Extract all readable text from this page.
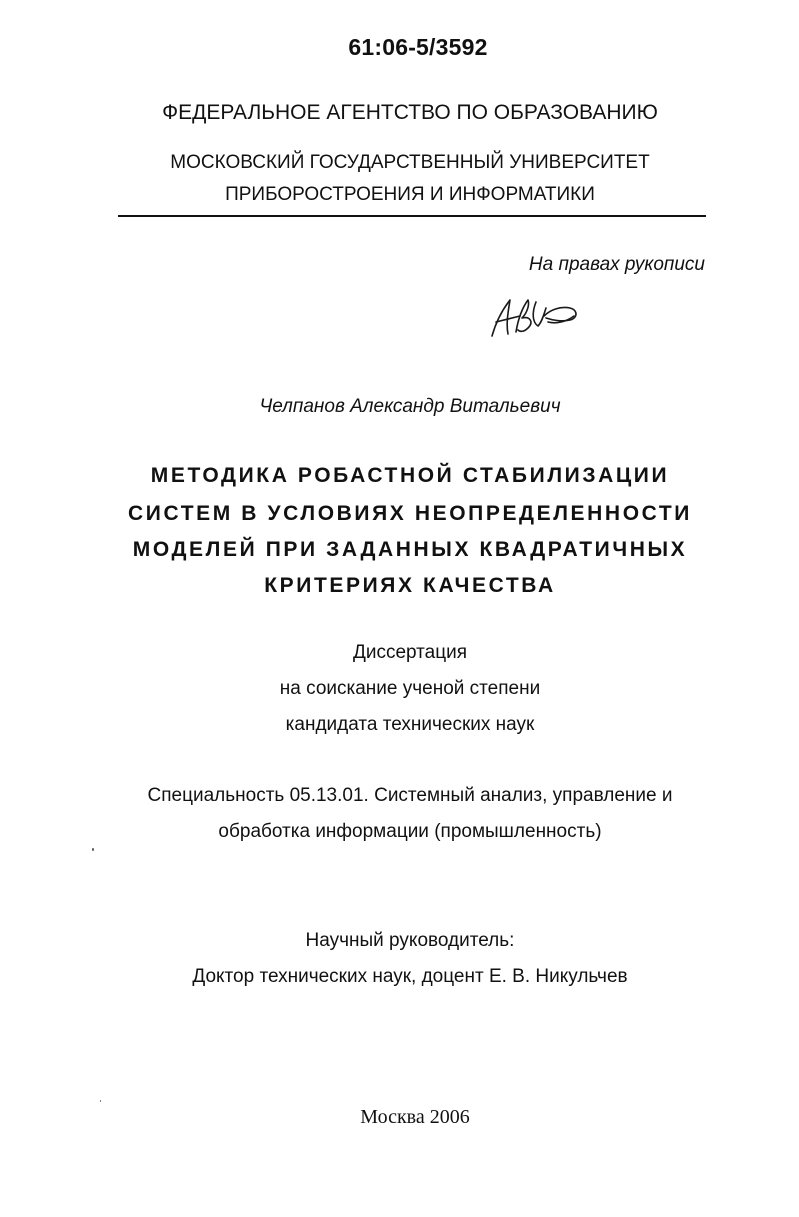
61:06-5/3592
ФЕДЕРАЛЬНОЕ АГЕНТСТВО ПО ОБРАЗОВАНИЮ
МОСКОВСКИЙ ГОСУДАРСТВЕННЫЙ УНИВЕРСИТЕТ
ПРИБОРОСТРОЕНИЯ И ИНФОРМАТИКИ
На правах рукописи
Челпанов Александр Витальевич
МЕТОДИКА РОБАСТНОЙ СТАБИЛИЗАЦИИ
СИСТЕМ В УСЛОВИЯХ НЕОПРЕДЕЛЕННОСТИ
МОДЕЛЕЙ ПРИ ЗАДАННЫХ КВАДРАТИЧНЫХ
КРИТЕРИЯХ КАЧЕСТВА
Диссертация
на соискание ученой степени
кандидата технических наук
Специальность 05.13.01. Системный анализ, управление и
обработка информации (промышленность)
Научный руководитель:
Доктор технических наук, доцент Е. В. Никульчев
Москва 2006
